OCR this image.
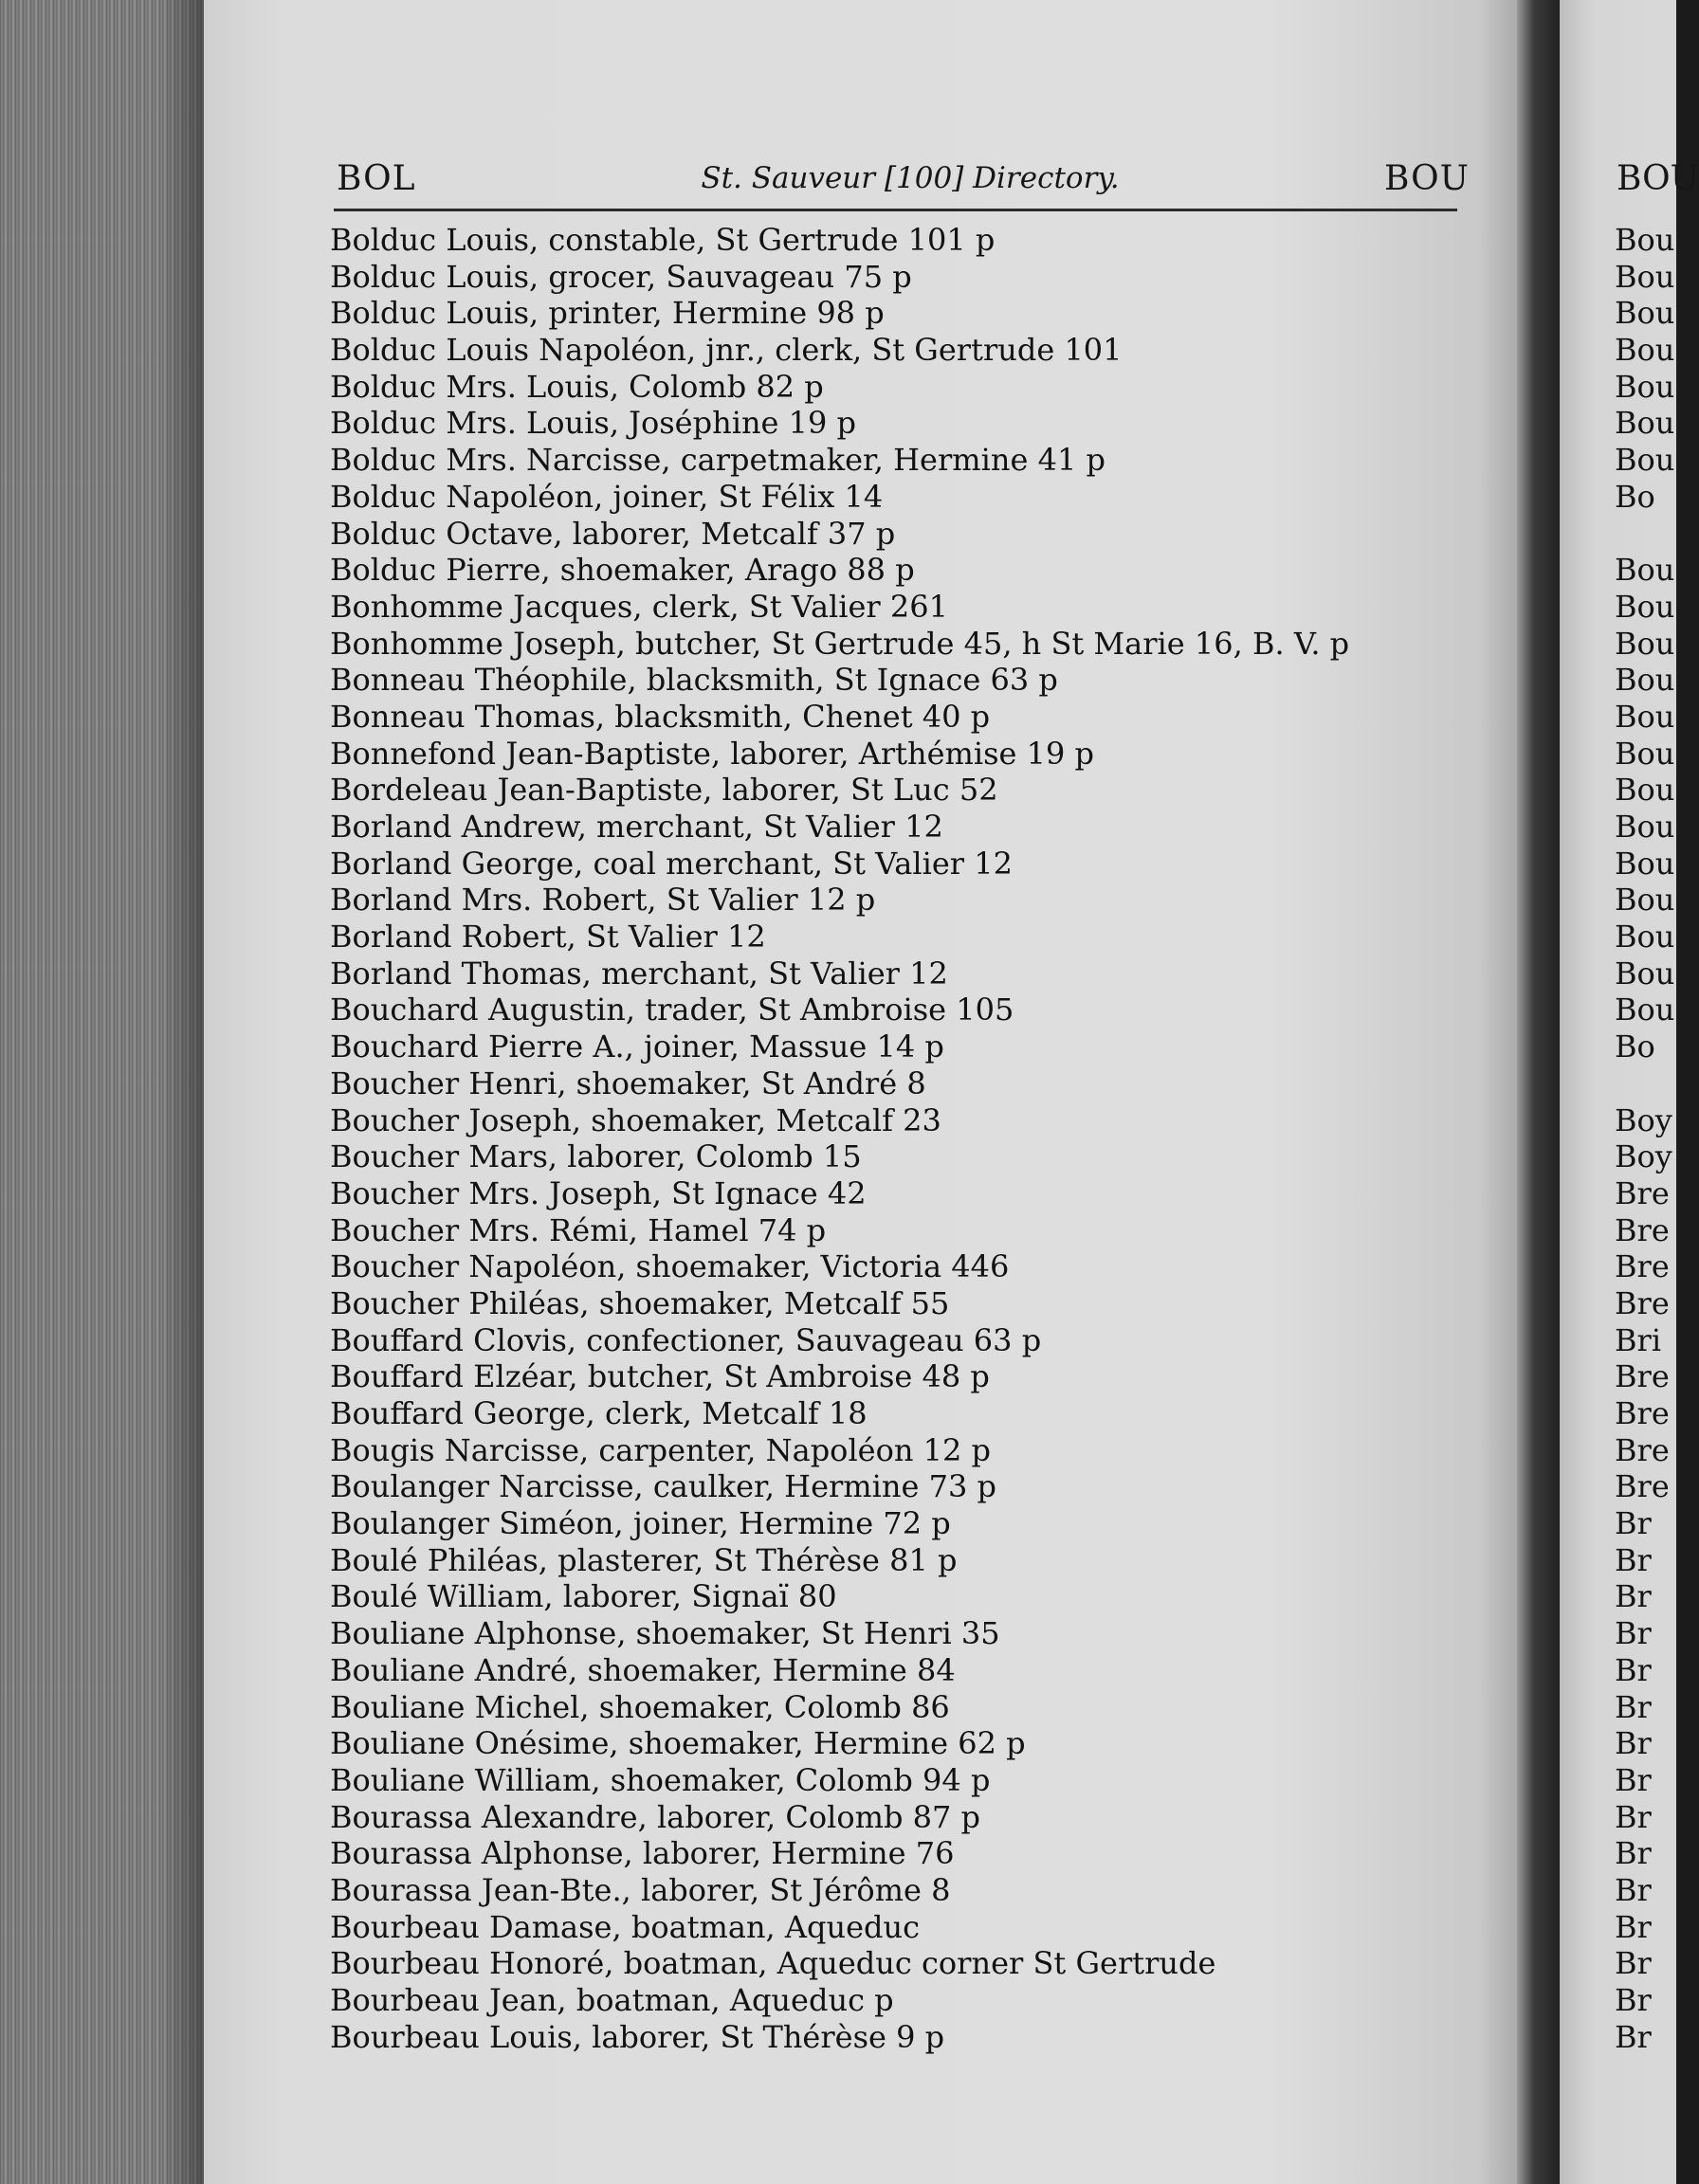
BOL	St. Sauveur [100] Directory.	BOU
Bolduc Louis, constable, St Gertrude 101 p
Bolduc Louis, grocer, Sauvageau 75 p
Bolduc Louis, printer, Hermine 98 p
Bolduc Louis Napoléon, jnr., clerk, St Gertrude 101
Bolduc Mrs. Louis, Colomb 82 p
Bolduc Mrs. Louis, Joséphine 19 p
Bolduc Mrs. Narcisse, carpetmaker, Hermine 41 p
Bolduc Napoléon, joiner, St Félix 14
Bolduc Octave, laborer, Metcalf 37 p
Bolduc Pierre, shoemaker, Arago 88 p
Bonhomme Jacques, clerk, St Valier 261
Bonhomme Joseph, butcher, St Gertrude 45, h St Marie 16, B. V. p
Bonneau Théophile, blacksmith, St Ignace 63 p
Bonneau Thomas, blacksmith, Chenet 40 p
Bonnefond Jean-Baptiste, laborer, Arthémise 19 p
Bordeleau Jean-Baptiste, laborer, St Luc 52
Borland Andrew, merchant, St Valier 12
Borland George, coal merchant, St Valier 12
Borland Mrs. Robert, St Valier 12 p
Borland Robert, St Valier 12
Borland Thomas, merchant, St Valier 12
Bouchard Augustin, trader, St Ambroise 105
Bouchard Pierre A., joiner, Massue 14 p
Boucher Henri, shoemaker, St André 8
Boucher Joseph, shoemaker, Metcalf 23
Boucher Mars, laborer, Colomb 15
Boucher Mrs. Joseph, St Ignace 42
Boucher Mrs. Rémi, Hamel 74 p
Boucher Napoléon, shoemaker, Victoria 446
Boucher Philéas, shoemaker, Metcalf 55
Bouffard Clovis, confectioner, Sauvageau 63 p
Bouffard Elzéar, butcher, St Ambroise 48 p
Bouffard George, clerk, Metcalf 18
Bougis Narcisse, carpenter, Napoléon 12 p
Boulanger Narcisse, caulker, Hermine 73 p
Boulanger Siméon, joiner, Hermine 72 p
Boulé Philéas, plasterer, St Thérèse 81 p
Boulé William, laborer, Signaï 80
Bouliane Alphonse, shoemaker, St Henri 35
Bouliane André, shoemaker, Hermine 84
Bouliane Michel, shoemaker, Colomb 86
Bouliane Onésime, shoemaker, Hermine 62 p
Bouliane William, shoemaker, Colomb 94 p
Bourassa Alexandre, laborer, Colomb 87 p
Bourassa Alphonse, laborer, Hermine 76
Bourassa Jean-Bte., laborer, St Jérôme 8
Bourbeau Damase, boatman, Aqueduc
Bourbeau Honoré, boatman, Aqueduc corner St Gertrude
Bourbeau Jean, boatman, Aqueduc p
Bourbeau Louis, laborer, St Thérèse 9 p
BOU
Bou
Bou
Bou
Bou
Bou
Bou
Bou
Bo
Bou
Bou
Bou
Bou
Bou
Bou
Bou
Bou
Bou
Bou
Bou
Bou
Bou
Bo
Boy
Boy
Bre
Bre
Bre
Bre
Bri
Bre
Bre
Bre
Bre
Br
Br
Br
Br
Br
Br
Br
Br
Br
Br
Br
Br
Br
Br
Br
